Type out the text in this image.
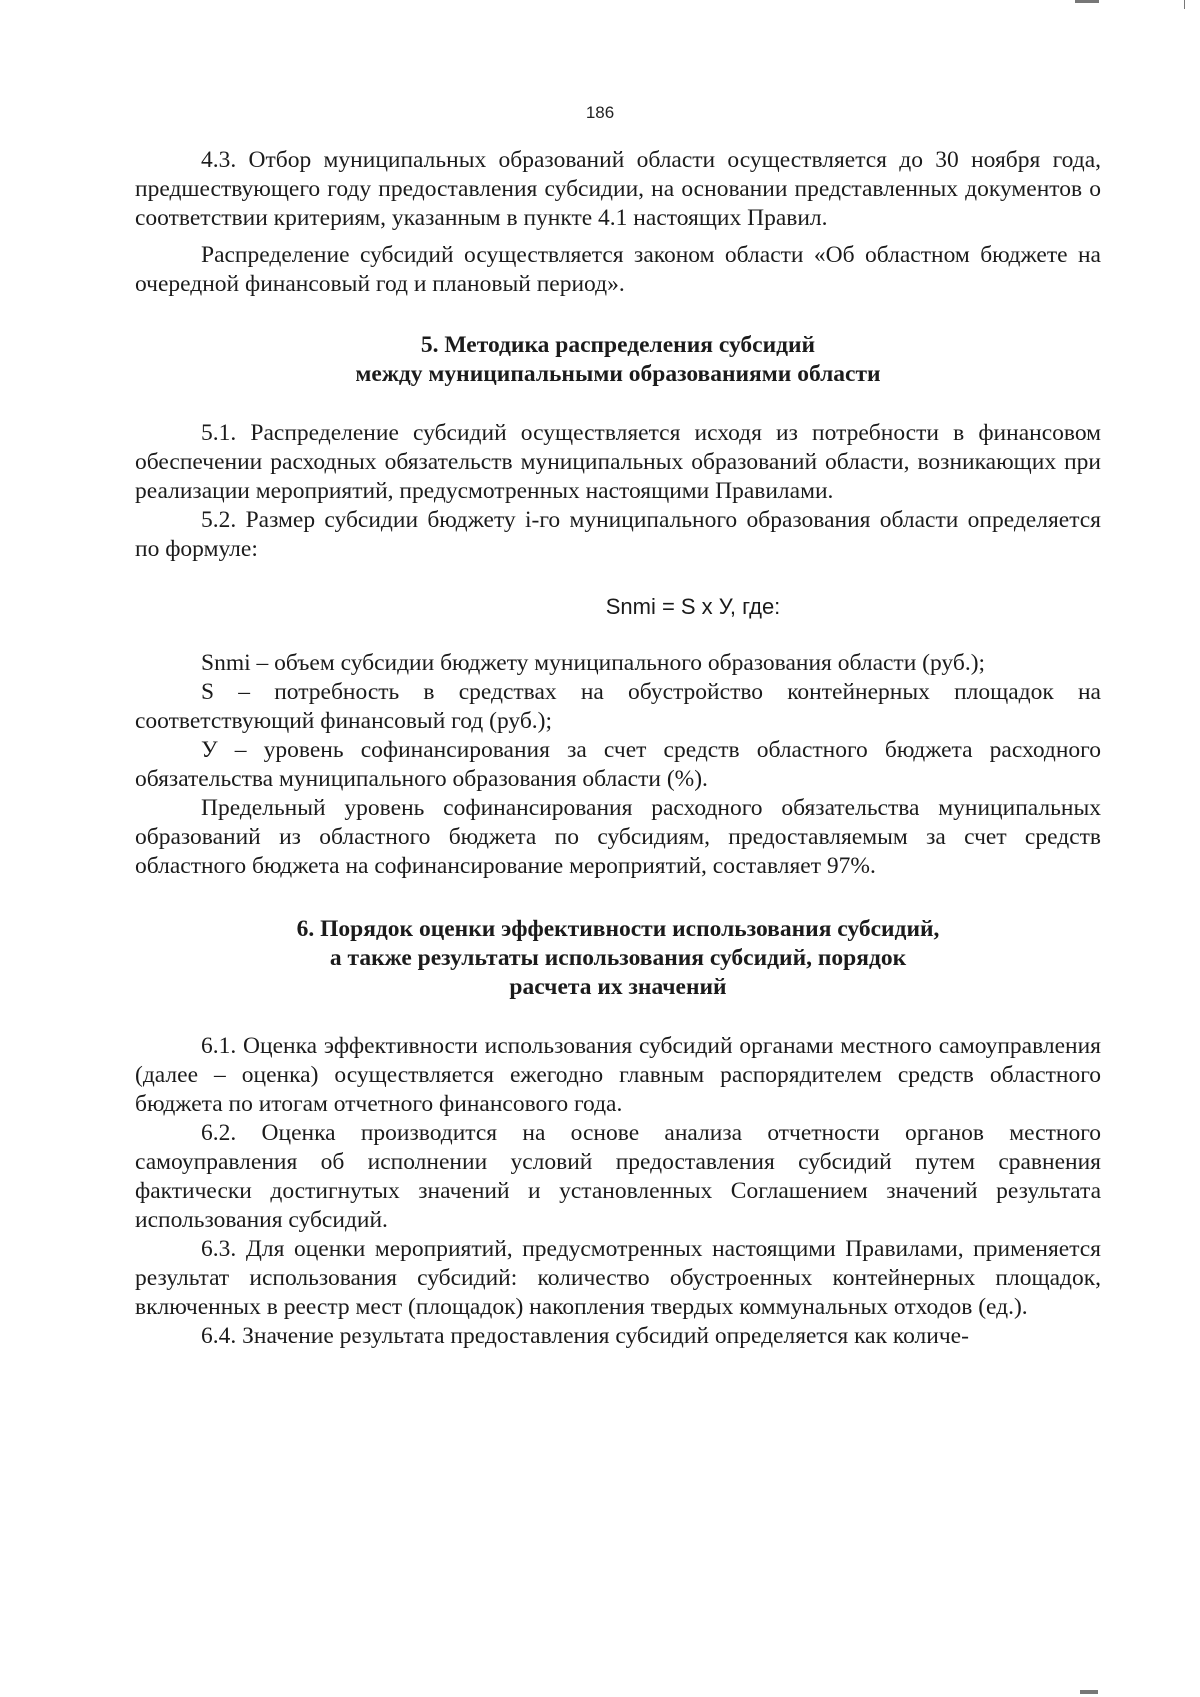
186

4.3. Отбор муниципальных образований области осуществляется до 30 ноября года, предшествующего году предоставления субсидии, на основании представленных документов о соответствии критериям, указанным в пункте 4.1 настоящих Правил.

Распределение субсидий осуществляется законом области «Об областном бюджете на очередной финансовый год и плановый период».

5. Методика распределения субсидий
между муниципальными образованиями области

5.1. Распределение субсидий осуществляется исходя из потребности в финансовом обеспечении расходных обязательств муниципальных образований области, возникающих при реализации мероприятий, предусмотренных настоящими Правилами.

5.2. Размер субсидии бюджету i-го муниципального образования области определяется по формуле:

Snmi = S x У, где:

Snmi – объем субсидии бюджету муниципального образования области (руб.);

S – потребность в средствах на обустройство контейнерных площадок на соответствующий финансовый год (руб.);

У – уровень софинансирования за счет средств областного бюджета расходного обязательства муниципального образования области (%).

Предельный уровень софинансирования расходного обязательства муниципальных образований из областного бюджета по субсидиям, предоставляемым за счет средств областного бюджета на софинансирование мероприятий, составляет 97%.

6. Порядок оценки эффективности использования субсидий,
а также результаты использования субсидий, порядок
расчета их значений

6.1. Оценка эффективности использования субсидий органами местного самоуправления (далее – оценка) осуществляется ежегодно главным распорядителем средств областного бюджета по итогам отчетного финансового года.

6.2. Оценка производится на основе анализа отчетности органов местного самоуправления об исполнении условий предоставления субсидий путем сравнения фактически достигнутых значений и установленных Соглашением значений результата использования субсидий.

6.3. Для оценки мероприятий, предусмотренных настоящими Правилами, применяется результат использования субсидий: количество обустроенных контейнерных площадок, включенных в реестр мест (площадок) накопления твердых коммунальных отходов (ед.).

6.4. Значение результата предоставления субсидий определяется как количе-
